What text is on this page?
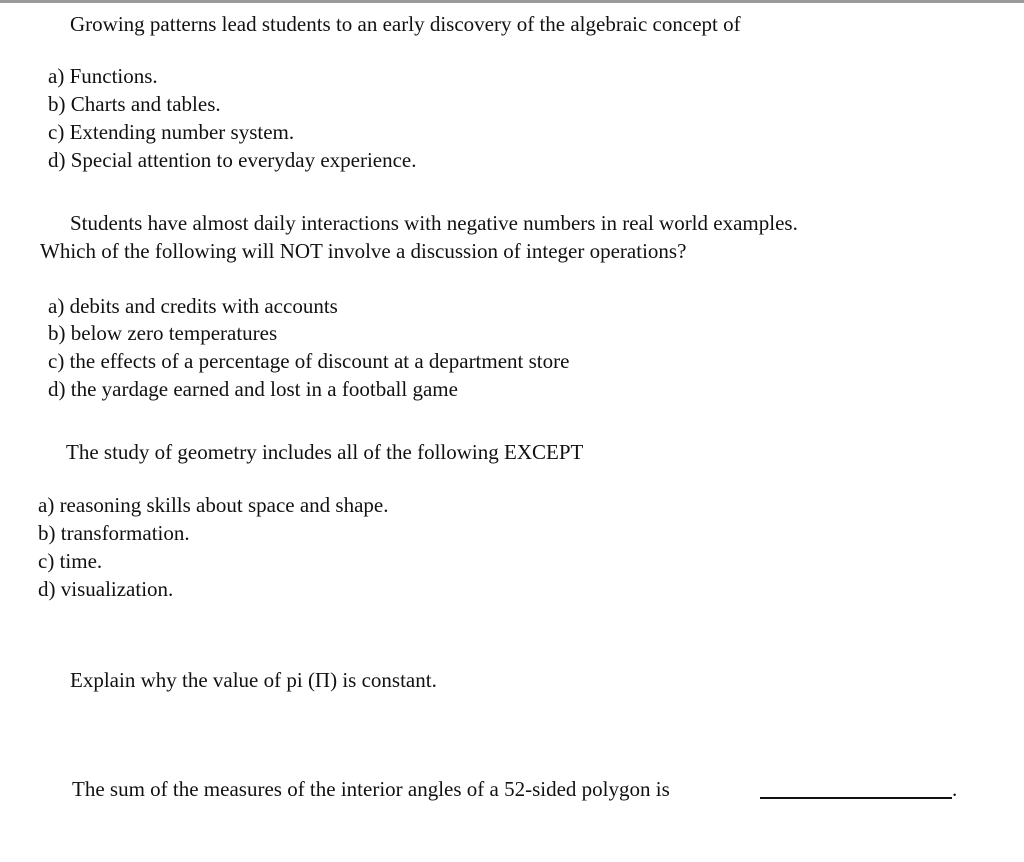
Growing patterns lead students to an early discovery of the algebraic concept of
a) Functions.
b) Charts and tables.
c) Extending number system.
d) Special attention to everyday experience.
Students have almost daily interactions with negative numbers in real world examples.
Which of the following will NOT involve a discussion of integer operations?
a) debits and credits with accounts
b) below zero temperatures
c) the effects of a percentage of discount at a department store
d) the yardage earned and lost in a football game
The study of geometry includes all of the following EXCEPT
a) reasoning skills about space and shape.
b) transformation.
c) time.
d) visualization.
Explain why the value of pi (Π) is constant.
The sum of the measures of the interior angles of a 52-sided polygon is	.
